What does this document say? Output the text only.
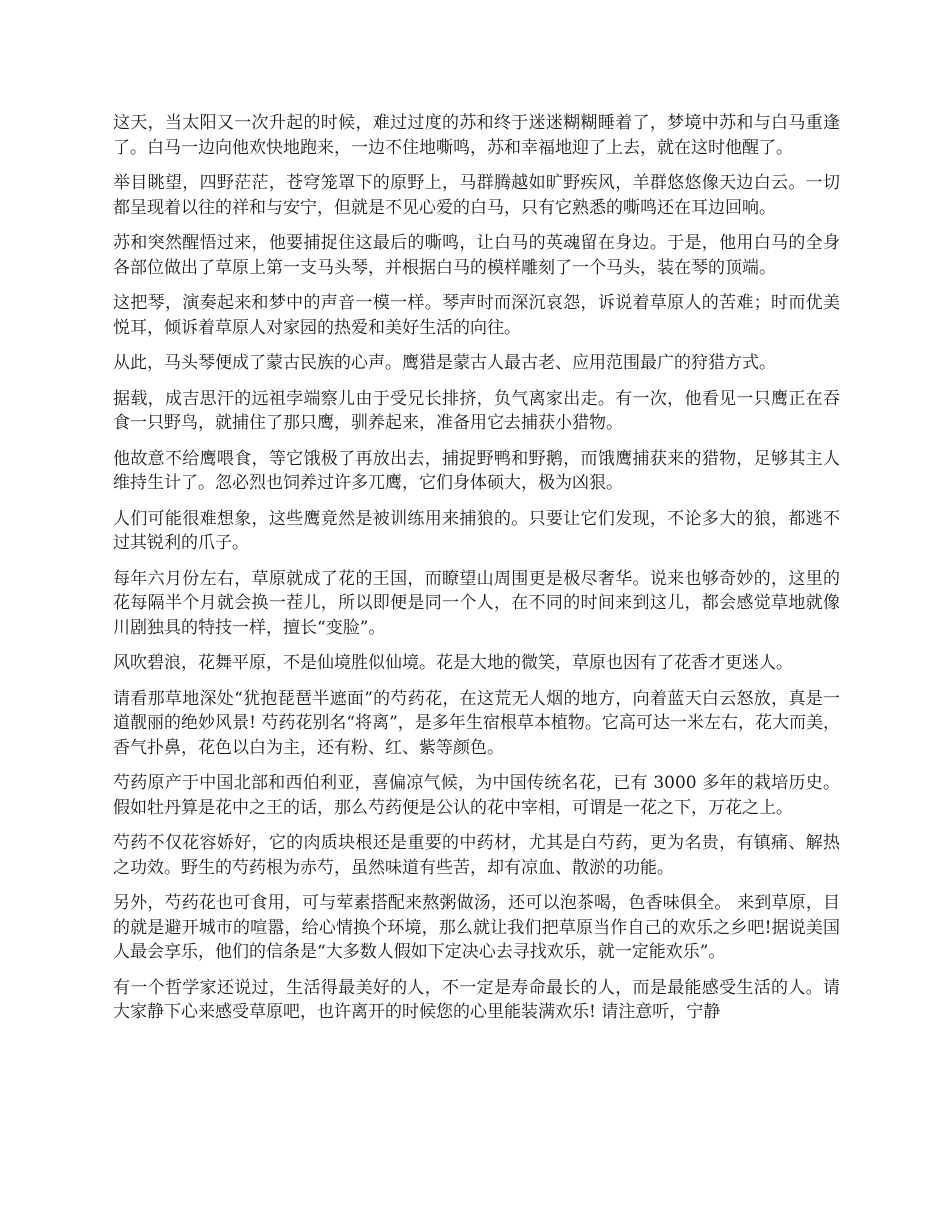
这天，当太阳又一次升起的时候，难过过度的苏和终于迷迷糊糊睡着了，梦境中苏和与白马重逢了。白马一边向他欢快地跑来，一边不住地嘶鸣，苏和幸福地迎了上去，就在这时他醒了。

举目眺望，四野茫茫，苍穹笼罩下的原野上，马群腾越如旷野疾风，羊群悠悠像天边白云。一切都呈现着以往的祥和与安宁，但就是不见心爱的白马，只有它熟悉的嘶鸣还在耳边回响。

苏和突然醒悟过来，他要捕捉住这最后的嘶鸣，让白马的英魂留在身边。于是，他用白马的全身各部位做出了草原上第一支马头琴，并根据白马的模样雕刻了一个马头，装在琴的顶端。

这把琴，演奏起来和梦中的声音一模一样。琴声时而深沉哀怨，诉说着草原人的苦难；时而优美悦耳，倾诉着草原人对家园的热爱和美好生活的向往。

从此，马头琴便成了蒙古民族的心声。鹰猎是蒙古人最古老、应用范围最广的狩猎方式。

据载，成吉思汗的远祖孛端察儿由于受兄长排挤，负气离家出走。有一次，他看见一只鹰正在吞食一只野鸟，就捕住了那只鹰，驯养起来，准备用它去捕获小猎物。

他故意不给鹰喂食，等它饿极了再放出去，捕捉野鸭和野鹅，而饿鹰捕获来的猎物，足够其主人维持生计了。忽必烈也饲养过许多兀鹰，它们身体硕大，极为凶狠。

人们可能很难想象，这些鹰竟然是被训练用来捕狼的。只要让它们发现，不论多大的狼，都逃不过其锐利的爪子。

每年六月份左右，草原就成了花的王国，而瞭望山周围更是极尽奢华。说来也够奇妙的，这里的花每隔半个月就会换一茬儿，所以即便是同一个人，在不同的时间来到这儿，都会感觉草地就像川剧独具的特技一样，擅长“变脸”。

风吹碧浪，花舞平原，不是仙境胜似仙境。花是大地的微笑，草原也因有了花香才更迷人。

请看那草地深处“犹抱琵琶半遮面”的芍药花，在这荒无人烟的地方，向着蓝天白云怒放，真是一道靓丽的绝妙风景! 芍药花别名“将离”，是多年生宿根草本植物。它高可达一米左右，花大而美，香气扑鼻，花色以白为主，还有粉、红、紫等颜色。

芍药原产于中国北部和西伯利亚，喜偏凉气候，为中国传统名花，已有 3000 多年的栽培历史。假如牡丹算是花中之王的话，那么芍药便是公认的花中宰相，可谓是一花之下，万花之上。

芍药不仅花容娇好，它的肉质块根还是重要的中药材，尤其是白芍药，更为名贵，有镇痛、解热之功效。野生的芍药根为赤芍，虽然味道有些苦，却有凉血、散淤的功能。

另外，芍药花也可食用，可与荤素搭配来熬粥做汤，还可以泡茶喝，色香味俱全。 来到草原，目的就是避开城市的喧嚣，给心情换个环境，那么就让我们把草原当作自己的欢乐之乡吧!据说美国人最会享乐，他们的信条是“大多数人假如下定决心去寻找欢乐，就一定能欢乐”。

有一个哲学家还说过，生活得最美好的人，不一定是寿命最长的人，而是最能感受生活的人。请大家静下心来感受草原吧，也许离开的时候您的心里能装满欢乐! 请注意听，宁静
